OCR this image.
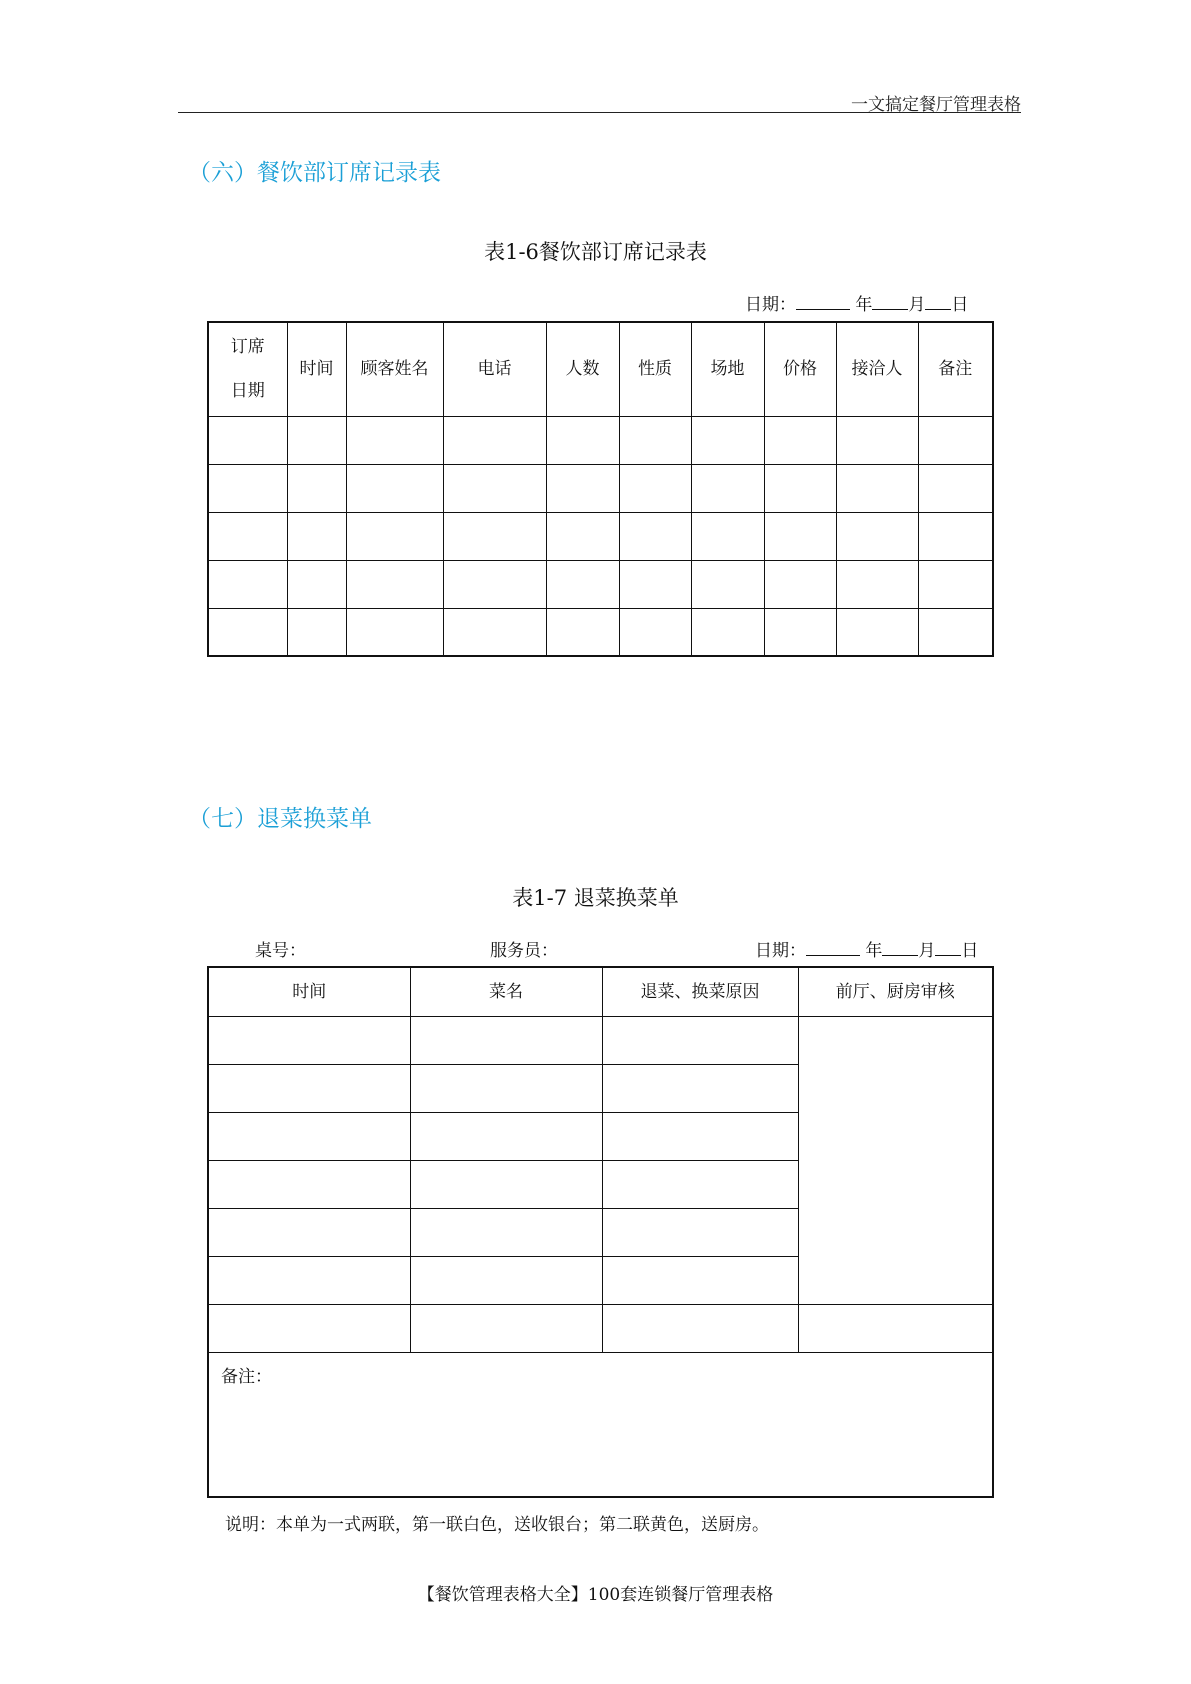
一文搞定餐厅管理表格
（六）餐饮部订席记录表
表1-6餐饮部订席记录表
日期：	年 月 日
订席
日期	时间	顾客姓名	电话	人数	性质	场地	价格	接洽人	备注

（七）退菜换菜单
表1-7 退菜换菜单
桌号：	服务员：	日期：	年 月 日
时间	菜名	退菜、换菜原因	前厅、厨房审核

备注：			
说明：本单为一式两联，第一联白色，送收银台；第二联黄色，送厨房。
【餐饮管理表格大全】100套连锁餐厅管理表格
